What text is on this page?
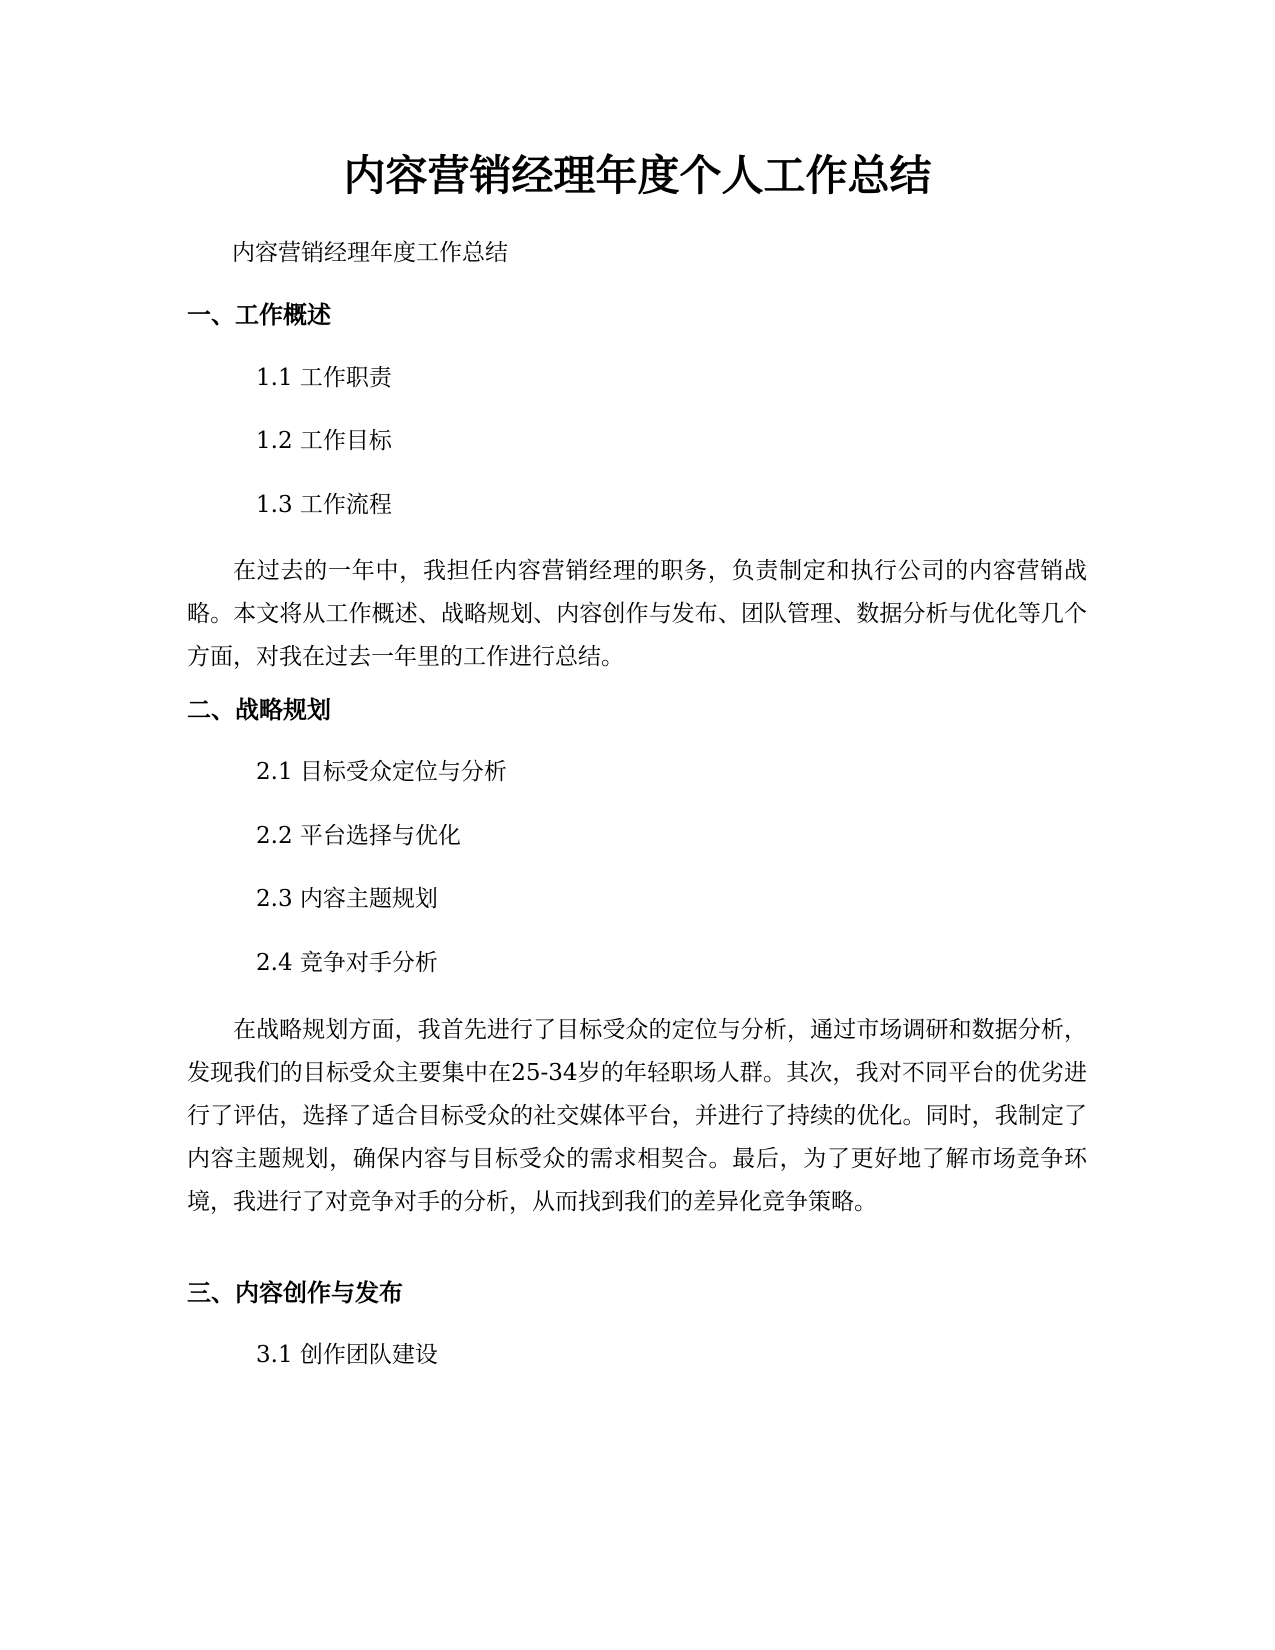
内容营销经理年度个人工作总结

内容营销经理年度工作总结

一、工作概述

1.1 工作职责

1.2 工作目标

1.3 工作流程

在过去的一年中，我担任内容营销经理的职务，负责制定和执行公司的内容营销战略。本文将从工作概述、战略规划、内容创作与发布、团队管理、数据分析与优化等几个方面，对我在过去一年里的工作进行总结。

二、战略规划

2.1 目标受众定位与分析

2.2 平台选择与优化

2.3 内容主题规划

2.4 竞争对手分析

在战略规划方面，我首先进行了目标受众的定位与分析，通过市场调研和数据分析，发现我们的目标受众主要集中在25-34岁的年轻职场人群。其次，我对不同平台的优劣进行了评估，选择了适合目标受众的社交媒体平台，并进行了持续的优化。同时，我制定了内容主题规划，确保内容与目标受众的需求相契合。最后，为了更好地了解市场竞争环境，我进行了对竞争对手的分析，从而找到我们的差异化竞争策略。

三、内容创作与发布

3.1 创作团队建设
